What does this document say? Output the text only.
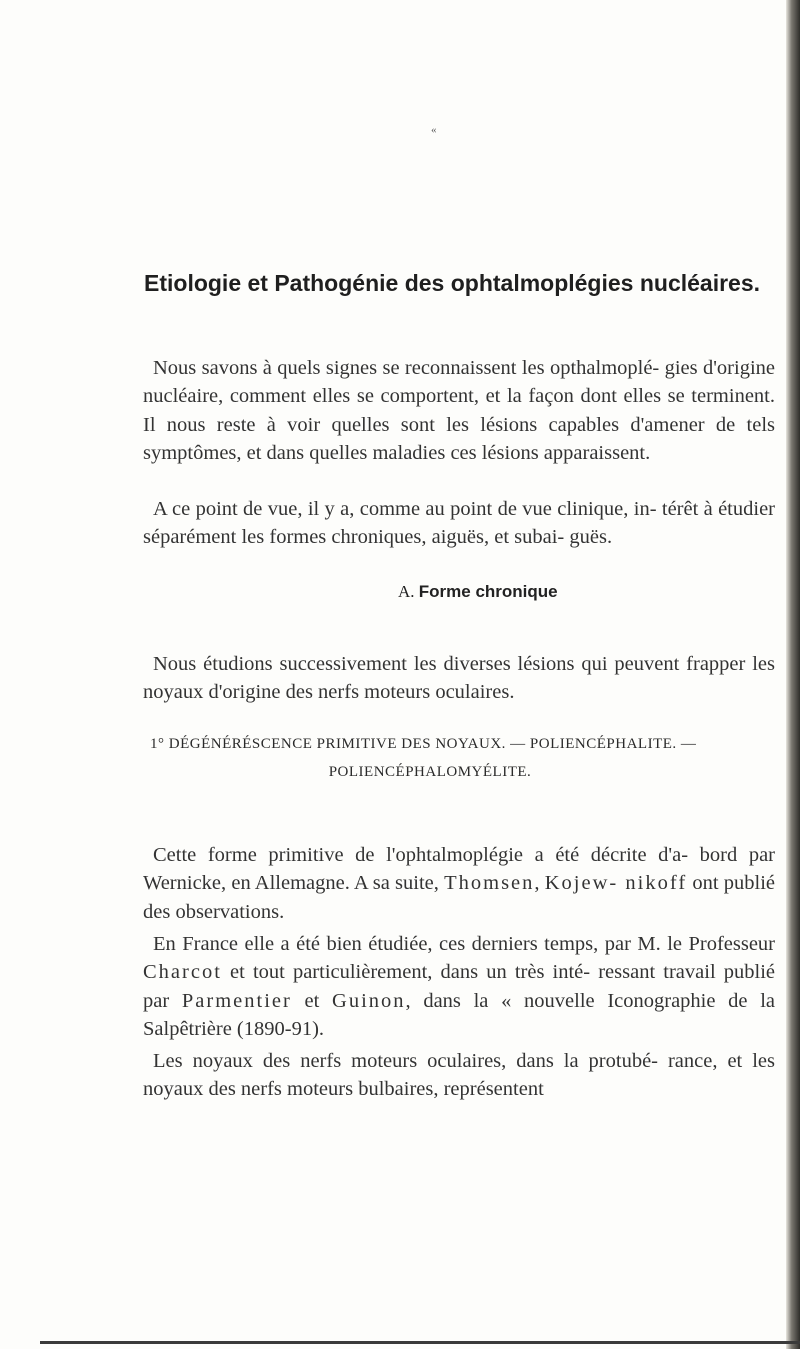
«
Etiologie et Pathogénie des ophtalmoplégies nucléaires.

Nous savons à quels signes se reconnaissent les opthalmoplé- gies d'origine nucléaire, comment elles se comportent, et la façon dont elles se terminent. Il nous reste à voir quelles sont les lésions capables d'amener de tels symptômes, et dans quelles maladies ces lésions apparaissent.

A ce point de vue, il y a, comme au point de vue clinique, in- térêt à étudier séparément les formes chroniques, aiguës, et subai- guës.

A. Forme chronique

Nous étudions successivement les diverses lésions qui peuvent frapper les noyaux d'origine des nerfs moteurs oculaires.

1° DÉGÉNÉRÉSCENCE PRIMITIVE DES NOYAUX. — POLIENCÉPHALITE. —
POLIENCÉPHALOMYÉLITE.

Cette forme primitive de l'ophtalmoplégie a été décrite d'a- bord par Wernicke, en Allemagne. A sa suite, Thomsen, Kojew- nikoff ont publié des observations.

En France elle a été bien étudiée, ces derniers temps, par M. le Professeur Charcot et tout particulièrement, dans un très inté- ressant travail publié par Parmentier et Guinon, dans la « nouvelle Iconographie de la Salpêtrière (1890-91).

Les noyaux des nerfs moteurs oculaires, dans la protubé- rance, et les noyaux des nerfs moteurs bulbaires, représentent
